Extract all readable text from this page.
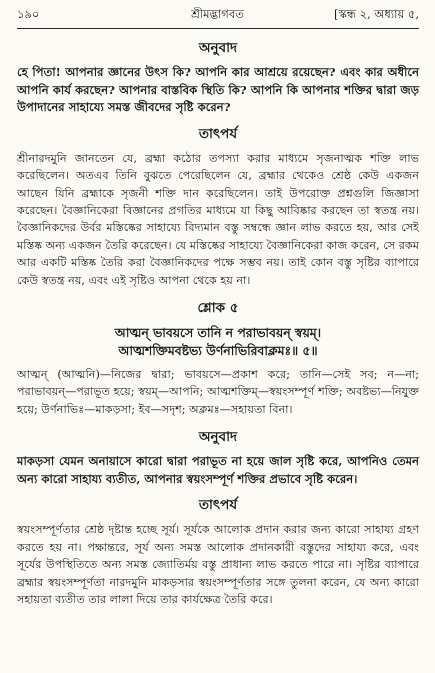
১৯০	শ্রীমদ্ভাগবত	[স্কন্ধ ২, অধ্যায় ৫,
অনুবাদ

হে পিতা! আপনার জ্ঞানের উৎস কি? আপনি কার আশ্রয়ে রয়েছেন? এবং কার অধীনে আপনি কার্য করছেন? আপনার বাস্তবিক স্থিতি কি? আপনি কি আপনার শক্তির দ্বারা জড় উপাদানের সাহায্যে সমস্ত জীবদের সৃষ্টি করেন?

তাৎপর্য

শ্রীনারদমুনি জানতেন যে, ব্রহ্মা কঠোর তপস্যা করার মাধ্যমে সৃজনাত্মক শক্তি লাভ করেছিলেন। অতএব তিনি বুঝতে পেরেছিলেন যে, ব্রহ্মার থেকেও শ্রেষ্ঠ কেউ একজন আছেন যিনি ব্রহ্মাকে সৃজনী শক্তি দান করেছিলেন। তাই উপরোক্ত প্রশ্নগুলি জিজ্ঞাসা করেছেন। বৈজ্ঞানিকেরা বিজ্ঞানের প্রগতির মাধ্যমে যা কিছু আবিষ্কার করছেন তা স্বতন্ত্র নয়। বৈজ্ঞানিকদের উর্বর মস্তিষ্কের সাহায্যে বিদ্যমান বস্তু সম্বন্ধে জ্ঞান লাভ করতে হয়, আর সেই মস্তিষ্ক অন্য একজন তৈরি করেছেন। যে মস্তিষ্কের সাহায্যে বৈজ্ঞানিকেরা কাজ করেন, সে রকম আর একটি মস্তিষ্ক তৈরি করা বৈজ্ঞানিকদের পক্ষে সম্ভব নয়। তাই কোন বস্তু সৃষ্টির ব্যাপারে কেউ স্বতন্ত্র নয়, এবং এই সৃষ্টিও আপনা থেকে হয় না।

শ্লোক ৫
আত্মন্ ভাবয়সে তানি ন পরাভাবয়ন্ স্বয়ম্।
আত্মশক্তিমবষ্টভ্য উর্ণনাভিরিবাক্লমঃ॥ ৫॥

আত্মন্ (আত্মনি)—নিজের দ্বারা; ভাবয়সে—প্রকাশ করে; তানি—সেই সব; ন—না; পরাভাবয়ন্—পরাভূত হয়ে; স্বয়ম্—আপনি; আত্মশক্তিম্—স্বয়ংসম্পূর্ণ শক্তি; অবষ্টভ্য—নিযুক্ত হয়ে; উর্ণনাভিঃ—মাকড়সা; ইব—সদৃশ; অক্লমঃ—সহায়তা বিনা।

অনুবাদ

মাকড়সা যেমন অনায়াসে কারো দ্বারা পরাভূত না হয়ে জাল সৃষ্টি করে, আপনিও তেমন অন্য কারো সাহায্য ব্যতীত, আপনার স্বয়ংসম্পূর্ণ শক্তির প্রভাবে সৃষ্টি করেন।

তাৎপর্য

স্বয়ংসম্পূর্ণতার শ্রেষ্ঠ দৃষ্টান্ত হচ্ছে সূর্য। সূর্যকে আলোক প্রদান করার জন্য কারো সাহায্য গ্রহণ করতে হয় না। পক্ষান্তরে, সূর্য অন্য সমস্ত আলোক প্রদানকারী বস্তুদের সাহায্য করে, এবং সূর্যের উপস্থিতিতে অন্য সমস্ত জ্যোতির্ময় বস্তু প্রাধান্য লাভ করতে পারে না। সৃষ্টির ব্যাপারে ব্রহ্মার স্বয়ংসম্পূর্ণতা নারদমুনি মাকড়সার স্বয়ংসম্পূর্ণতার সঙ্গে তুলনা করেন, যে অন্য কারো সহায়তা ব্যতীত তার লালা দিয়ে তার কার্যক্ষেত্র তৈরি করে।
